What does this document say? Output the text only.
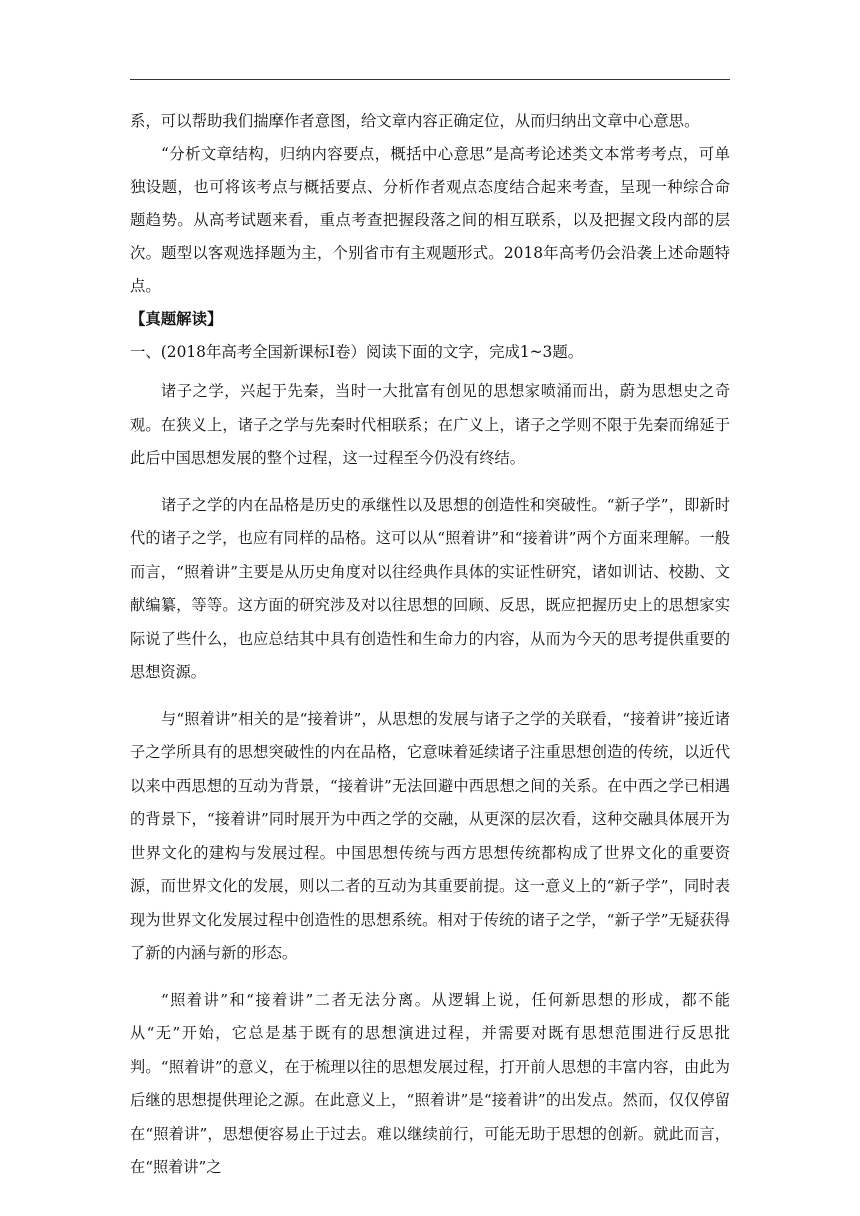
系，可以帮助我们揣摩作者意图，给文章内容正确定位，从而归纳出文章中心意思。

“分析文章结构，归纳内容要点，概括中心意思”是高考论述类文本常考考点，可单独设题，也可将该考点与概括要点、分析作者观点态度结合起来考查，呈现一种综合命题趋势。从高考试题来看，重点考查把握段落之间的相互联系，以及把握文段内部的层次。题型以客观选择题为主，个别省市有主观题形式。2018年高考仍会沿袭上述命题特点。

【真题解读】

一、(2018年高考全国新课标Ⅰ卷）阅读下面的文字，完成1~3题。

诸子之学，兴起于先秦，当时一大批富有创见的思想家喷涌而出，蔚为思想史之奇观。在狭义上，诸子之学与先秦时代相联系；在广义上，诸子之学则不限于先秦而绵延于此后中国思想发展的整个过程，这一过程至今仍没有终结。

诸子之学的内在品格是历史的承继性以及思想的创造性和突破性。“新子学”，即新时代的诸子之学，也应有同样的品格。这可以从“照着讲”和“接着讲”两个方面来理解。一般而言，“照着讲”主要是从历史角度对以往经典作具体的实证性研究，诸如训诂、校勘、文献编纂，等等。这方面的研究涉及对以往思想的回顾、反思，既应把握历史上的思想家实际说了些什么，也应总结其中具有创造性和生命力的内容，从而为今天的思考提供重要的思想资源。

与“照着讲”相关的是“接着讲”，从思想的发展与诸子之学的关联看，“接着讲”接近诸子之学所具有的思想突破性的内在品格，它意味着延续诸子注重思想创造的传统，以近代以来中西思想的互动为背景，“接着讲”无法回避中西思想之间的关系。在中西之学已相遇的背景下，“接着讲”同时展开为中西之学的交融，从更深的层次看，这种交融具体展开为世界文化的建构与发展过程。中国思想传统与西方思想传统都构成了世界文化的重要资源，而世界文化的发展，则以二者的互动为其重要前提。这一意义上的“新子学”，同时表现为世界文化发展过程中创造性的思想系统。相对于传统的诸子之学，“新子学”无疑获得了新的内涵与新的形态。

“照着讲”和“接着讲”二者无法分离。从逻辑上说，任何新思想的形成，都不能从“无”开始，它总是基于既有的思想演进过程，并需要对既有思想范围进行反思批判。“照着讲”的意义，在于梳理以往的思想发展过程，打开前人思想的丰富内容，由此为后继的思想提供理论之源。在此意义上，“照着讲”是“接着讲”的出发点。然而，仅仅停留在“照着讲”，思想便容易止于过去。难以继续前行，可能无助于思想的创新。就此而言，在“照着讲”之
